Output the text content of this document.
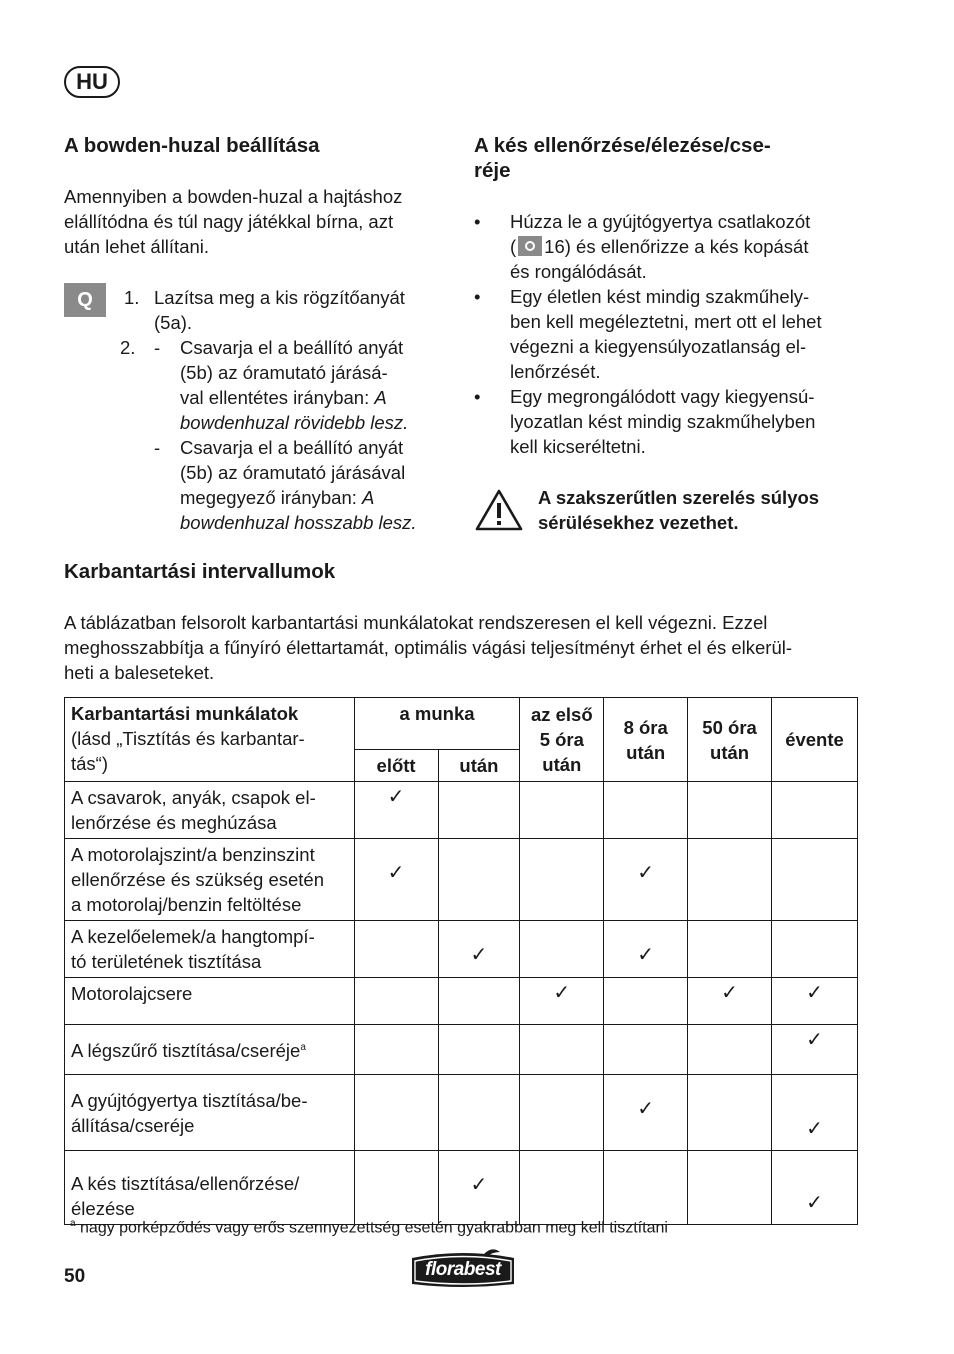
HU
A bowden-huzal beállítása

Amennyiben a bowden-huzal a hajtáshoz

elállítódna és túl nagy játékkal bírna, azt

után lehet állítani.

Q	1. Lazítsa meg a kis rögzítőanyát

(5a).

2.	-	Csavarja el a beállító anyát

(5b) az óramutató járásá-

val ellentétes irányban: A

bowdenhuzal rövidebb lesz.

-	Csavarja el a beállító anyát

(5b) az óramutató járásával

megegyező irányban: A

bowdenhuzal hosszabb lesz.

A kés ellenőrzése/élezése/cse-
réje
•	Húzza le a gyújtógyertya csatlakozót

( 16) és ellenőrizze a kés kopását

és rongálódását.

•	Egy életlen kést mindig szakműhely-

ben kell megéleztetni, mert ott el lehet

végezni a kiegyensúlyozatlanság el-

lenőrzését.

•	Egy megrongálódott vagy kiegyensú-

lyozatlan kést mindig szakműhelyben

kell kicseréltetni.

A szakszerűtlen szerelés súlyos

sérülésekhez vezethet.

Karbantartási intervallumok

A táblázatban felsorolt karbantartási munkálatokat rendszeresen el kell végezni. Ezzel

meghosszabbítja a fűnyíró élettartamát, optimális vágási teljesítményt érhet el és elkerül-

heti a baleseteket.

Karbantartási munkálatok
(lásd „Tisztítás és karbantar-
tás“)	a munka		az első
5 óra
után	8 óra
után	50 óra
után	évente
	előtt	után				
A csavarok, anyák, csapok el-
lenőrzése és meghúzása	✓					
A motorolajszint/a benzinszint
ellenőrzése és szükség esetén
a motorolaj/benzin feltöltése	✓			✓		
A kezelőelemek/a hangtompí-
tó területének tisztítása		✓		✓		
Motorolajcsere			✓		✓	✓
A légszűrő tisztítása/cseréje$^a$						✓
A gyújtógyertya tisztítása/be-
állítása/cseréje				✓		✓
A kés tisztítása/ellenőrzése/
élezése		✓				✓
$^a$ nagy porképződés vagy erős szennyezettség esetén gyakrabban meg kell tisztítani
50	florabest
